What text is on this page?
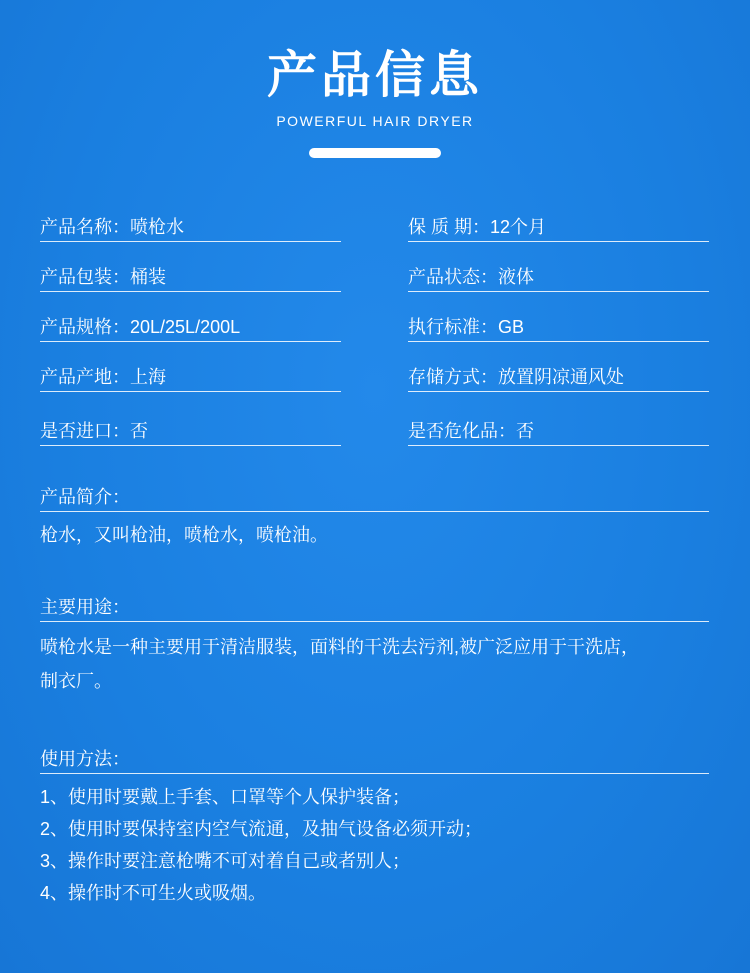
产品信息
POWERFUL HAIR DRYER
产品名称：喷枪水	保 质 期：12个月
产品包装：桶装	产品状态：液体
产品规格：20L/25L/200L	执行标准：GB
产品产地：上海	存储方式：放置阴凉通风处
是否进口：否	是否危化品：否
产品简介：
枪水，又叫枪油，喷枪水，喷枪油。
主要用途：
喷枪水是一种主要用于清洁服装，面料的干洗去污剂,被广泛应用于干洗店，
制衣厂。
使用方法：
1、使用时要戴上手套、口罩等个人保护装备；
2、使用时要保持室内空气流通，及抽气设备必须开动；
3、操作时要注意枪嘴不可对着自己或者别人；
4、操作时不可生火或吸烟。
